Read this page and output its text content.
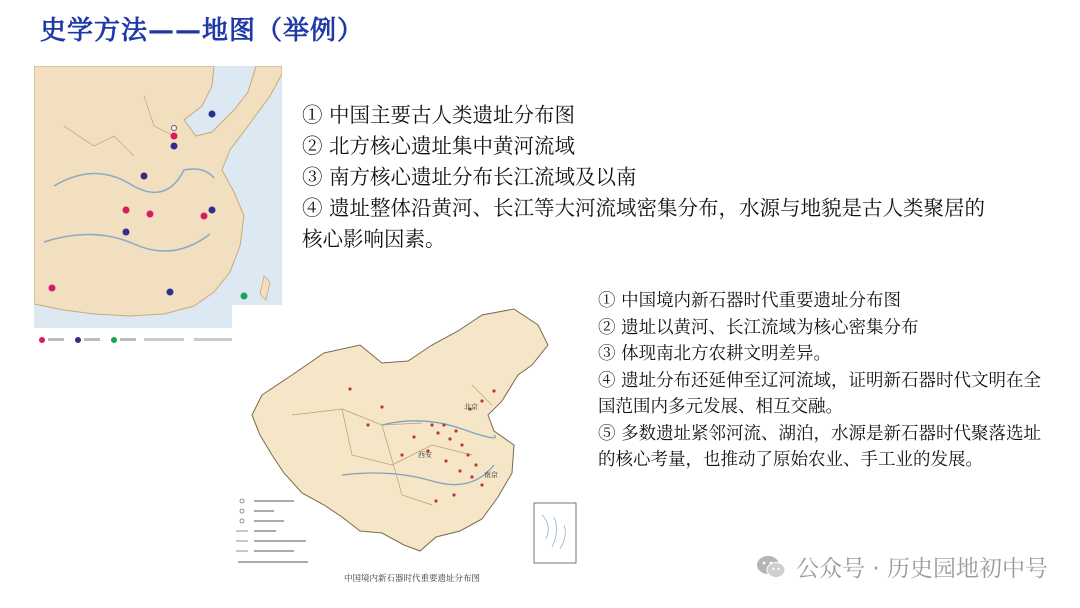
史学方法——地图（举例）
北京
西安
南京
中国境内新石器时代重要遗址分布图
① 中国主要古人类遗址分布图
② 北方核心遗址集中黄河流域
③ 南方核心遗址分布长江流域及以南
④ 遗址整体沿黄河、长江等大河流域密集分布，水源与地貌是古人类聚居的核心影响因素。
① 中国境内新石器时代重要遗址分布图
② 遗址以黄河、长江流域为核心密集分布
③ 体现南北方农耕文明差异。
④ 遗址分布还延伸至辽河流域，证明新石器时代文明在全国范围内多元发展、相互交融。
⑤ 多数遗址紧邻河流、湖泊，水源是新石器时代聚落选址的核心考量，也推动了原始农业、手工业的发展。
公众号 · 历史园地初中号
